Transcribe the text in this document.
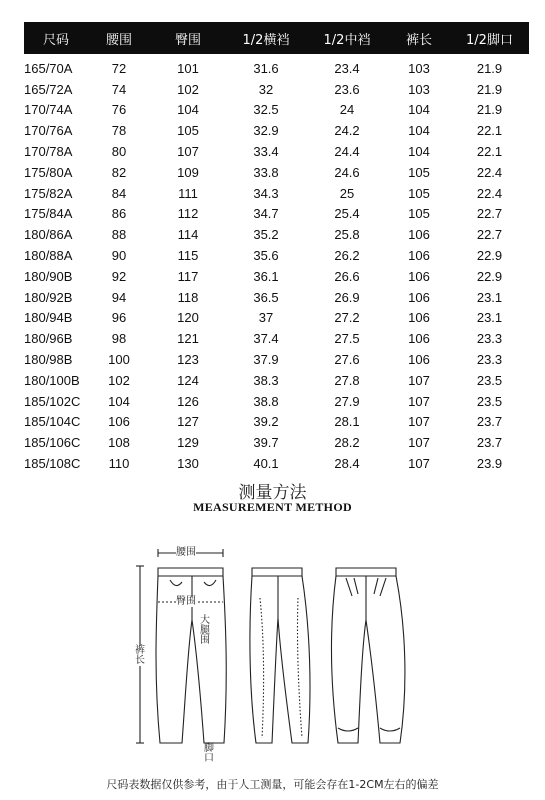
尺码	腰围	臀围	1/2横裆	1/2中裆	裤长	1/2脚口
165/70A	72	101	31.6	23.4	103	21.9
165/72A	74	102	32	23.6	103	21.9
170/74A	76	104	32.5	24	104	21.9
170/76A	78	105	32.9	24.2	104	22.1
170/78A	80	107	33.4	24.4	104	22.1
175/80A	82	109	33.8	24.6	105	22.4
175/82A	84	111	34.3	25	105	22.4
175/84A	86	112	34.7	25.4	105	22.7
180/86A	88	114	35.2	25.8	106	22.7
180/88A	90	115	35.6	26.2	106	22.9
180/90B	92	117	36.1	26.6	106	22.9
180/92B	94	118	36.5	26.9	106	23.1
180/94B	96	120	37	27.2	106	23.1
180/96B	98	121	37.4	27.5	106	23.3
180/98B	100	123	37.9	27.6	106	23.3
180/100B	102	124	38.3	27.8	107	23.5
185/102C	104	126	38.8	27.9	107	23.5
185/104C	106	127	39.2	28.1	107	23.7
185/106C	108	129	39.7	28.2	107	23.7
185/108C	110	130	40.1	28.4	107	23.9
测量方法
MEASUREMENT METHOD
腰围
臀围
大腿围
裤长
脚口
尺码表数据仅供参考，由于人工测量，可能会存在1-2CM左右的偏差
